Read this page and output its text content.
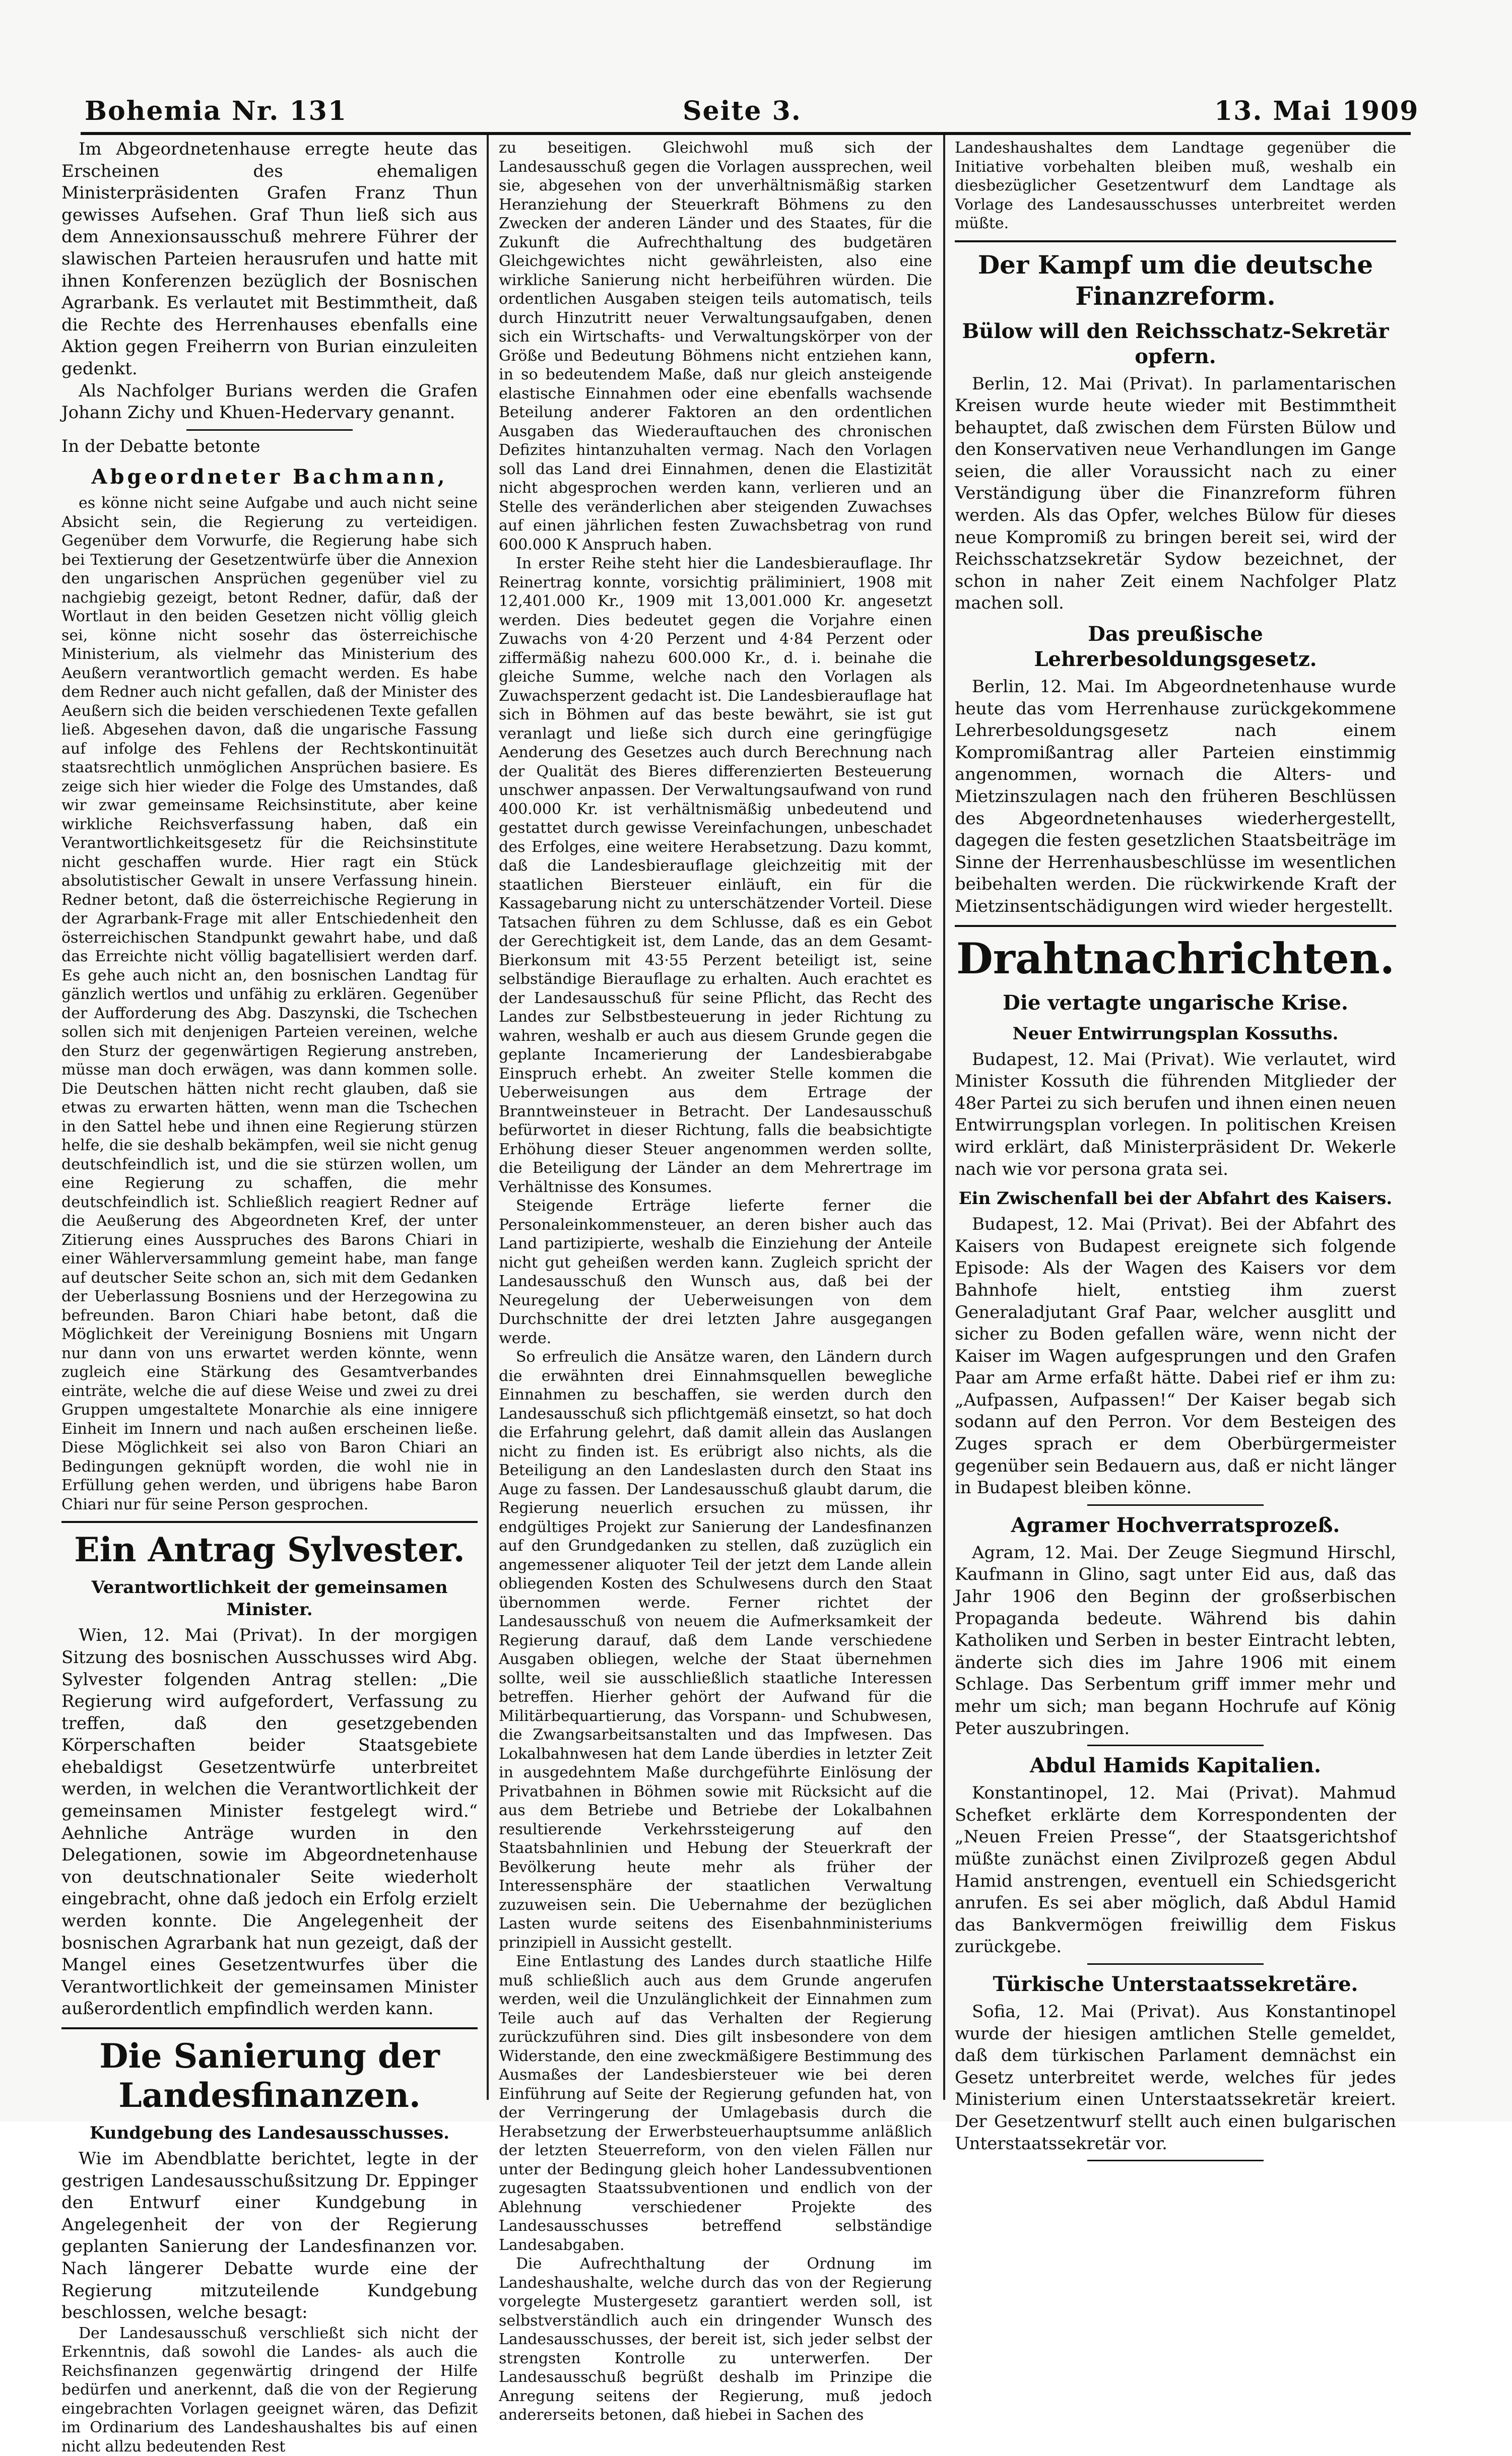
Bohemia Nr. 131	Seite 3.	13. Mai 1909

Im Abgeordnetenhause erregte heute das Erscheinen des ehemaligen Ministerpräsidenten Grafen Franz Thun gewisses Aufsehen. Graf Thun ließ sich aus dem Annexionsausschuß mehrere Führer der slawischen Parteien herausrufen und hatte mit ihnen Konferenzen bezüglich der Bosnischen Agrarbank. Es verlautet mit Bestimmtheit, daß die Rechte des Herrenhauses ebenfalls eine Aktion gegen Freiherrn von Burian einzuleiten gedenkt.

Als Nachfolger Burians werden die Grafen Johann Zichy und Khuen-Hedervary genannt.

In der Debatte betonte

Abgeordneter Bachmann,

es könne nicht seine Aufgabe und auch nicht seine Absicht sein, die Regierung zu verteidigen. Gegenüber dem Vorwurfe, die Regierung habe sich bei Textierung der Gesetzentwürfe über die Annexion den ungarischen Ansprüchen gegenüber viel zu nachgiebig gezeigt, betont Redner, dafür, daß der Wortlaut in den beiden Gesetzen nicht völlig gleich sei, könne nicht sosehr das österreichische Ministerium, als vielmehr das Ministerium des Aeußern verantwortlich gemacht werden. Es habe dem Redner auch nicht gefallen, daß der Minister des Aeußern sich die beiden verschiedenen Texte gefallen ließ. Abgesehen davon, daß die ungarische Fassung auf infolge des Fehlens der Rechtskontinuität staatsrechtlich unmöglichen Ansprüchen basiere. Es zeige sich hier wieder die Folge des Umstandes, daß wir zwar gemeinsame Reichsinstitute, aber keine wirkliche Reichsverfassung haben, daß ein Verantwortlichkeitsgesetz für die Reichsinstitute nicht geschaffen wurde. Hier ragt ein Stück absolutistischer Gewalt in unsere Verfassung hinein. Redner betont, daß die österreichische Regierung in der Agrarbank-Frage mit aller Entschiedenheit den österreichischen Standpunkt gewahrt habe, und daß das Erreichte nicht völlig bagatellisiert werden darf. Es gehe auch nicht an, den bosnischen Landtag für gänzlich wertlos und unfähig zu erklären. Gegenüber der Aufforderung des Abg. Daszynski, die Tschechen sollen sich mit denjenigen Parteien vereinen, welche den Sturz der gegenwärtigen Regierung anstreben, müsse man doch erwägen, was dann kommen solle. Die Deutschen hätten nicht recht glauben, daß sie etwas zu erwarten hätten, wenn man die Tschechen in den Sattel hebe und ihnen eine Regierung stürzen helfe, die sie deshalb bekämpfen, weil sie nicht genug deutschfeindlich ist, und die sie stürzen wollen, um eine Regierung zu schaffen, die mehr deutschfeindlich ist. Schließlich reagiert Redner auf die Aeußerung des Abgeordneten Kref, der unter Zitierung eines Ausspruches des Barons Chiari in einer Wählerversammlung gemeint habe, man fange auf deutscher Seite schon an, sich mit dem Gedanken der Ueberlassung Bosniens und der Herzegowina zu befreunden. Baron Chiari habe betont, daß die Möglichkeit der Vereinigung Bosniens mit Ungarn nur dann von uns erwartet werden könnte, wenn zugleich eine Stärkung des Gesamtverbandes einträte, welche die auf diese Weise und zwei zu drei Gruppen umgestaltete Monarchie als eine innigere Einheit im Innern und nach außen erscheinen ließe. Diese Möglichkeit sei also von Baron Chiari an Bedingungen geknüpft worden, die wohl nie in Erfüllung gehen werden, und übrigens habe Baron Chiari nur für seine Person gesprochen.

Ein Antrag Sylvester.
Verantwortlichkeit der gemeinsamen Minister.

Wien, 12. Mai (Privat). In der morgigen Sitzung des bosnischen Ausschusses wird Abg. Sylvester folgenden Antrag stellen: „Die Regierung wird aufgefordert, Verfassung zu treffen, daß den gesetzgebenden Körperschaften beider Staatsgebiete ehebaldigst Gesetzentwürfe unterbreitet werden, in welchen die Verantwortlichkeit der gemeinsamen Minister festgelegt wird.“ Aehnliche Anträge wurden in den Delegationen, sowie im Abgeordnetenhause von deutschnationaler Seite wiederholt eingebracht, ohne daß jedoch ein Erfolg erzielt werden konnte. Die Angelegenheit der bosnischen Agrarbank hat nun gezeigt, daß der Mangel eines Gesetzentwurfes über die Verantwortlichkeit der gemeinsamen Minister außerordentlich empfindlich werden kann.

Die Sanierung der Landesfinanzen.
Kundgebung des Landesausschusses.

Wie im Abendblatte berichtet, legte in der gestrigen Landesausschußsitzung Dr. Eppinger den Entwurf einer Kundgebung in Angelegenheit der von der Regierung geplanten Sanierung der Landesfinanzen vor. Nach längerer Debatte wurde eine der Regierung mitzuteilende Kundgebung beschlossen, welche besagt:

Der Landesausschuß verschließt sich nicht der Erkenntnis, daß sowohl die Landes- als auch die Reichsfinanzen gegenwärtig dringend der Hilfe bedürfen und anerkennt, daß die von der Regierung eingebrachten Vorlagen geeignet wären, das Defizit im Ordinarium des Landeshaushaltes bis auf einen nicht allzu bedeutenden Rest

zu beseitigen. Gleichwohl muß sich der Landesausschuß gegen die Vorlagen aussprechen, weil sie, abgesehen von der unverhältnismäßig starken Heranziehung der Steuerkraft Böhmens zu den Zwecken der anderen Länder und des Staates, für die Zukunft die Aufrechthaltung des budgetären Gleichgewichtes nicht gewährleisten, also eine wirkliche Sanierung nicht herbeiführen würden. Die ordentlichen Ausgaben steigen teils automatisch, teils durch Hinzutritt neuer Verwaltungsaufgaben, denen sich ein Wirtschafts- und Verwaltungskörper von der Größe und Bedeutung Böhmens nicht entziehen kann, in so bedeutendem Maße, daß nur gleich ansteigende elastische Einnahmen oder eine ebenfalls wachsende Beteilung anderer Faktoren an den ordentlichen Ausgaben das Wiederauftauchen des chronischen Defizites hintanzuhalten vermag. Nach den Vorlagen soll das Land drei Einnahmen, denen die Elastizität nicht abgesprochen werden kann, verlieren und an Stelle des veränderlichen aber steigenden Zuwachses auf einen jährlichen festen Zuwachsbetrag von rund 600.000 K Anspruch haben.

In erster Reihe steht hier die Landesbierauflage. Ihr Reinertrag konnte, vorsichtig präliminiert, 1908 mit 12,401.000 Kr., 1909 mit 13,001.000 Kr. angesetzt werden. Dies bedeutet gegen die Vorjahre einen Zuwachs von 4·20 Perzent und 4·84 Perzent oder ziffermäßig nahezu 600.000 Kr., d. i. beinahe die gleiche Summe, welche nach den Vorlagen als Zuwachsperzent gedacht ist. Die Landesbierauflage hat sich in Böhmen auf das beste bewährt, sie ist gut veranlagt und ließe sich durch eine geringfügige Aenderung des Gesetzes auch durch Berechnung nach der Qualität des Bieres differenzierten Besteuerung unschwer anpassen. Der Verwaltungsaufwand von rund 400.000 Kr. ist verhältnismäßig unbedeutend und gestattet durch gewisse Vereinfachungen, unbeschadet des Erfolges, eine weitere Herabsetzung. Dazu kommt, daß die Landesbierauflage gleichzeitig mit der staatlichen Biersteuer einläuft, ein für die Kassagebarung nicht zu unterschätzender Vorteil. Diese Tatsachen führen zu dem Schlusse, daß es ein Gebot der Gerechtigkeit ist, dem Lande, das an dem Gesamt-Bierkonsum mit 43·55 Perzent beteiligt ist, seine selbständige Bierauflage zu erhalten. Auch erachtet es der Landesausschuß für seine Pflicht, das Recht des Landes zur Selbstbesteuerung in jeder Richtung zu wahren, weshalb er auch aus diesem Grunde gegen die geplante Incamerierung der Landesbierabgabe Einspruch erhebt. An zweiter Stelle kommen die Ueberweisungen aus dem Ertrage der Branntweinsteuer in Betracht. Der Landesausschuß befürwortet in dieser Richtung, falls die beabsichtigte Erhöhung dieser Steuer angenommen werden sollte, die Beteiligung der Länder an dem Mehrertrage im Verhältnisse des Konsumes.

Steigende Erträge lieferte ferner die Personaleinkommensteuer, an deren bisher auch das Land partizipierte, weshalb die Einziehung der Anteile nicht gut geheißen werden kann. Zugleich spricht der Landesausschuß den Wunsch aus, daß bei der Neuregelung der Ueberweisungen von dem Durchschnitte der drei letzten Jahre ausgegangen werde.

So erfreulich die Ansätze waren, den Ländern durch die erwähnten drei Einnahmsquellen bewegliche Einnahmen zu beschaffen, sie werden durch den Landesausschuß sich pflichtgemäß einsetzt, so hat doch die Erfahrung gelehrt, daß damit allein das Auslangen nicht zu finden ist. Es erübrigt also nichts, als die Beteiligung an den Landeslasten durch den Staat ins Auge zu fassen. Der Landesausschuß glaubt darum, die Regierung neuerlich ersuchen zu müssen, ihr endgültiges Projekt zur Sanierung der Landesfinanzen auf den Grundgedanken zu stellen, daß zuzüglich ein angemessener aliquoter Teil der jetzt dem Lande allein obliegenden Kosten des Schulwesens durch den Staat übernommen werde. Ferner richtet der Landesausschuß von neuem die Aufmerksamkeit der Regierung darauf, daß dem Lande verschiedene Ausgaben obliegen, welche der Staat übernehmen sollte, weil sie ausschließlich staatliche Interessen betreffen. Hierher gehört der Aufwand für die Militärbequartierung, das Vorspann- und Schubwesen, die Zwangsarbeitsanstalten und das Impfwesen. Das Lokalbahnwesen hat dem Lande überdies in letzter Zeit in ausgedehntem Maße durchgeführte Einlösung der Privatbahnen in Böhmen sowie mit Rücksicht auf die aus dem Betriebe und Betriebe der Lokalbahnen resultierende Verkehrssteigerung auf den Staatsbahnlinien und Hebung der Steuerkraft der Bevölkerung heute mehr als früher der Interessensphäre der staatlichen Verwaltung zuzuweisen sein. Die Uebernahme der bezüglichen Lasten wurde seitens des Eisenbahnministeriums prinzipiell in Aussicht gestellt.

Eine Entlastung des Landes durch staatliche Hilfe muß schließlich auch aus dem Grunde angerufen werden, weil die Unzulänglichkeit der Einnahmen zum Teile auch auf das Verhalten der Regierung zurückzuführen sind. Dies gilt insbesondere von dem Widerstande, den eine zweckmäßigere Bestimmung des Ausmaßes der Landesbiersteuer wie bei deren Einführung auf Seite der Regierung gefunden hat, von der Verringerung der Umlagebasis durch die Herabsetzung der Erwerbsteuerhauptsumme anläßlich der letzten Steuerreform, von den vielen Fällen nur unter der Bedingung gleich hoher Landessubventionen zugesagten Staatssubventionen und endlich von der Ablehnung verschiedener Projekte des Landesausschusses betreffend selbständige Landesabgaben.

Die Aufrechthaltung der Ordnung im Landeshaushalte, welche durch das von der Regierung vorgelegte Mustergesetz garantiert werden soll, ist selbstverständlich auch ein dringender Wunsch des Landesausschusses, der bereit ist, sich jeder selbst der strengsten Kontrolle zu unterwerfen. Der Landesausschuß begrüßt deshalb im Prinzipe die Anregung seitens der Regierung, muß jedoch andererseits betonen, daß hiebei in Sachen des

Landeshaushaltes dem Landtage gegenüber die Initiative vorbehalten bleiben muß, weshalb ein diesbezüglicher Gesetzentwurf dem Landtage als Vorlage des Landesausschusses unterbreitet werden müßte.

Der Kampf um die deutsche Finanzreform.
Bülow will den Reichsschatz-Sekretär opfern.

Berlin, 12. Mai (Privat). In parlamentarischen Kreisen wurde heute wieder mit Bestimmtheit behauptet, daß zwischen dem Fürsten Bülow und den Konservativen neue Verhandlungen im Gange seien, die aller Voraussicht nach zu einer Verständigung über die Finanzreform führen werden. Als das Opfer, welches Bülow für dieses neue Kompromiß zu bringen bereit sei, wird der Reichsschatzsekretär Sydow bezeichnet, der schon in naher Zeit einem Nachfolger Platz machen soll.

Das preußische Lehrerbesoldungsgesetz.

Berlin, 12. Mai. Im Abgeordnetenhause wurde heute das vom Herrenhause zurückgekommene Lehrerbesoldungsgesetz nach einem Kompromißantrag aller Parteien einstimmig angenommen, wornach die Alters- und Mietzinszulagen nach den früheren Beschlüssen des Abgeordnetenhauses wiederhergestellt, dagegen die festen gesetzlichen Staatsbeiträge im Sinne der Herrenhausbeschlüsse im wesentlichen beibehalten werden. Die rückwirkende Kraft der Mietzinsentschädigungen wird wieder hergestellt.

Drahtnachrichten.
Die vertagte ungarische Krise.
Neuer Entwirrungsplan Kossuths.

Budapest, 12. Mai (Privat). Wie verlautet, wird Minister Kossuth die führenden Mitglieder der 48er Partei zu sich berufen und ihnen einen neuen Entwirrungsplan vorlegen. In politischen Kreisen wird erklärt, daß Ministerpräsident Dr. Wekerle nach wie vor persona grata sei.

Ein Zwischenfall bei der Abfahrt des Kaisers.

Budapest, 12. Mai (Privat). Bei der Abfahrt des Kaisers von Budapest ereignete sich folgende Episode: Als der Wagen des Kaisers vor dem Bahnhofe hielt, entstieg ihm zuerst Generaladjutant Graf Paar, welcher ausglitt und sicher zu Boden gefallen wäre, wenn nicht der Kaiser im Wagen aufgesprungen und den Grafen Paar am Arme erfaßt hätte. Dabei rief er ihm zu: „Aufpassen, Aufpassen!“ Der Kaiser begab sich sodann auf den Perron. Vor dem Besteigen des Zuges sprach er dem Oberbürgermeister gegenüber sein Bedauern aus, daß er nicht länger in Budapest bleiben könne.

Agramer Hochverratsprozeß.

Agram, 12. Mai. Der Zeuge Siegmund Hirschl, Kaufmann in Glino, sagt unter Eid aus, daß das Jahr 1906 den Beginn der großserbischen Propaganda bedeute. Während bis dahin Katholiken und Serben in bester Eintracht lebten, änderte sich dies im Jahre 1906 mit einem Schlage. Das Serbentum griff immer mehr und mehr um sich; man begann Hochrufe auf König Peter auszubringen.

Abdul Hamids Kapitalien.

Konstantinopel, 12. Mai (Privat). Mahmud Schefket erklärte dem Korrespondenten der „Neuen Freien Presse“, der Staatsgerichtshof müßte zunächst einen Zivilprozeß gegen Abdul Hamid anstrengen, eventuell ein Schiedsgericht anrufen. Es sei aber möglich, daß Abdul Hamid das Bankvermögen freiwillig dem Fiskus zurückgebe.

Türkische Unterstaatssekretäre.

Sofia, 12. Mai (Privat). Aus Konstantinopel wurde der hiesigen amtlichen Stelle gemeldet, daß dem türkischen Parlament demnächst ein Gesetz unterbreitet werde, welches für jedes Ministerium einen Unterstaatssekretär kreiert. Der Gesetzentwurf stellt auch einen bulgarischen Unterstaatssekretär vor.
